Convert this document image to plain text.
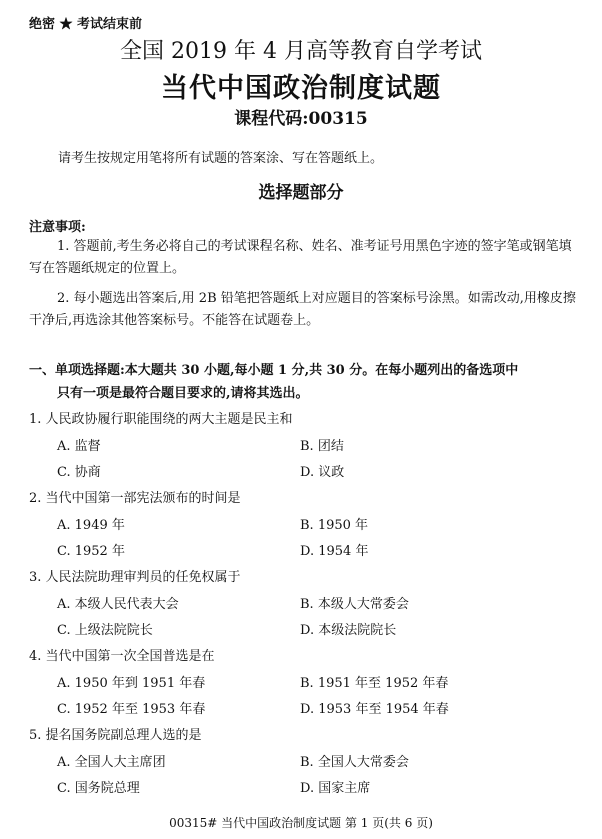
绝密 ★ 考试结束前
全国 2019 年 4 月高等教育自学考试
当代中国政治制度试题
课程代码:00315
请考生按规定用笔将所有试题的答案涂、写在答题纸上。
选择题部分
注意事项:
1. 答题前,考生务必将自己的考试课程名称、姓名、准考证号用黑色字迹的签字笔或钢笔填写在答题纸规定的位置上。
2. 每小题选出答案后,用 2B 铅笔把答题纸上对应题目的答案标号涂黑。如需改动,用橡皮擦干净后,再选涂其他答案标号。不能答在试题卷上。
一、单项选择题:本大题共 30 小题,每小题 1 分,共 30 分。在每小题列出的备选项中
只有一项是最符合题目要求的,请将其选出。
1. 人民政协履行职能围绕的两大主题是民主和
A. 监督	B. 团结
C. 协商	D. 议政
2. 当代中国第一部宪法颁布的时间是
A. 1949 年	B. 1950 年
C. 1952 年	D. 1954 年
3. 人民法院助理审判员的任免权属于
A. 本级人民代表大会	B. 本级人大常委会
C. 上级法院院长	D. 本级法院院长
4. 当代中国第一次全国普选是在
A. 1950 年到 1951 年春	B. 1951 年至 1952 年春
C. 1952 年至 1953 年春	D. 1953 年至 1954 年春
5. 提名国务院副总理人选的是
A. 全国人大主席团	B. 全国人大常委会
C. 国务院总理	D. 国家主席
00315# 当代中国政治制度试题 第 1 页(共 6 页)
